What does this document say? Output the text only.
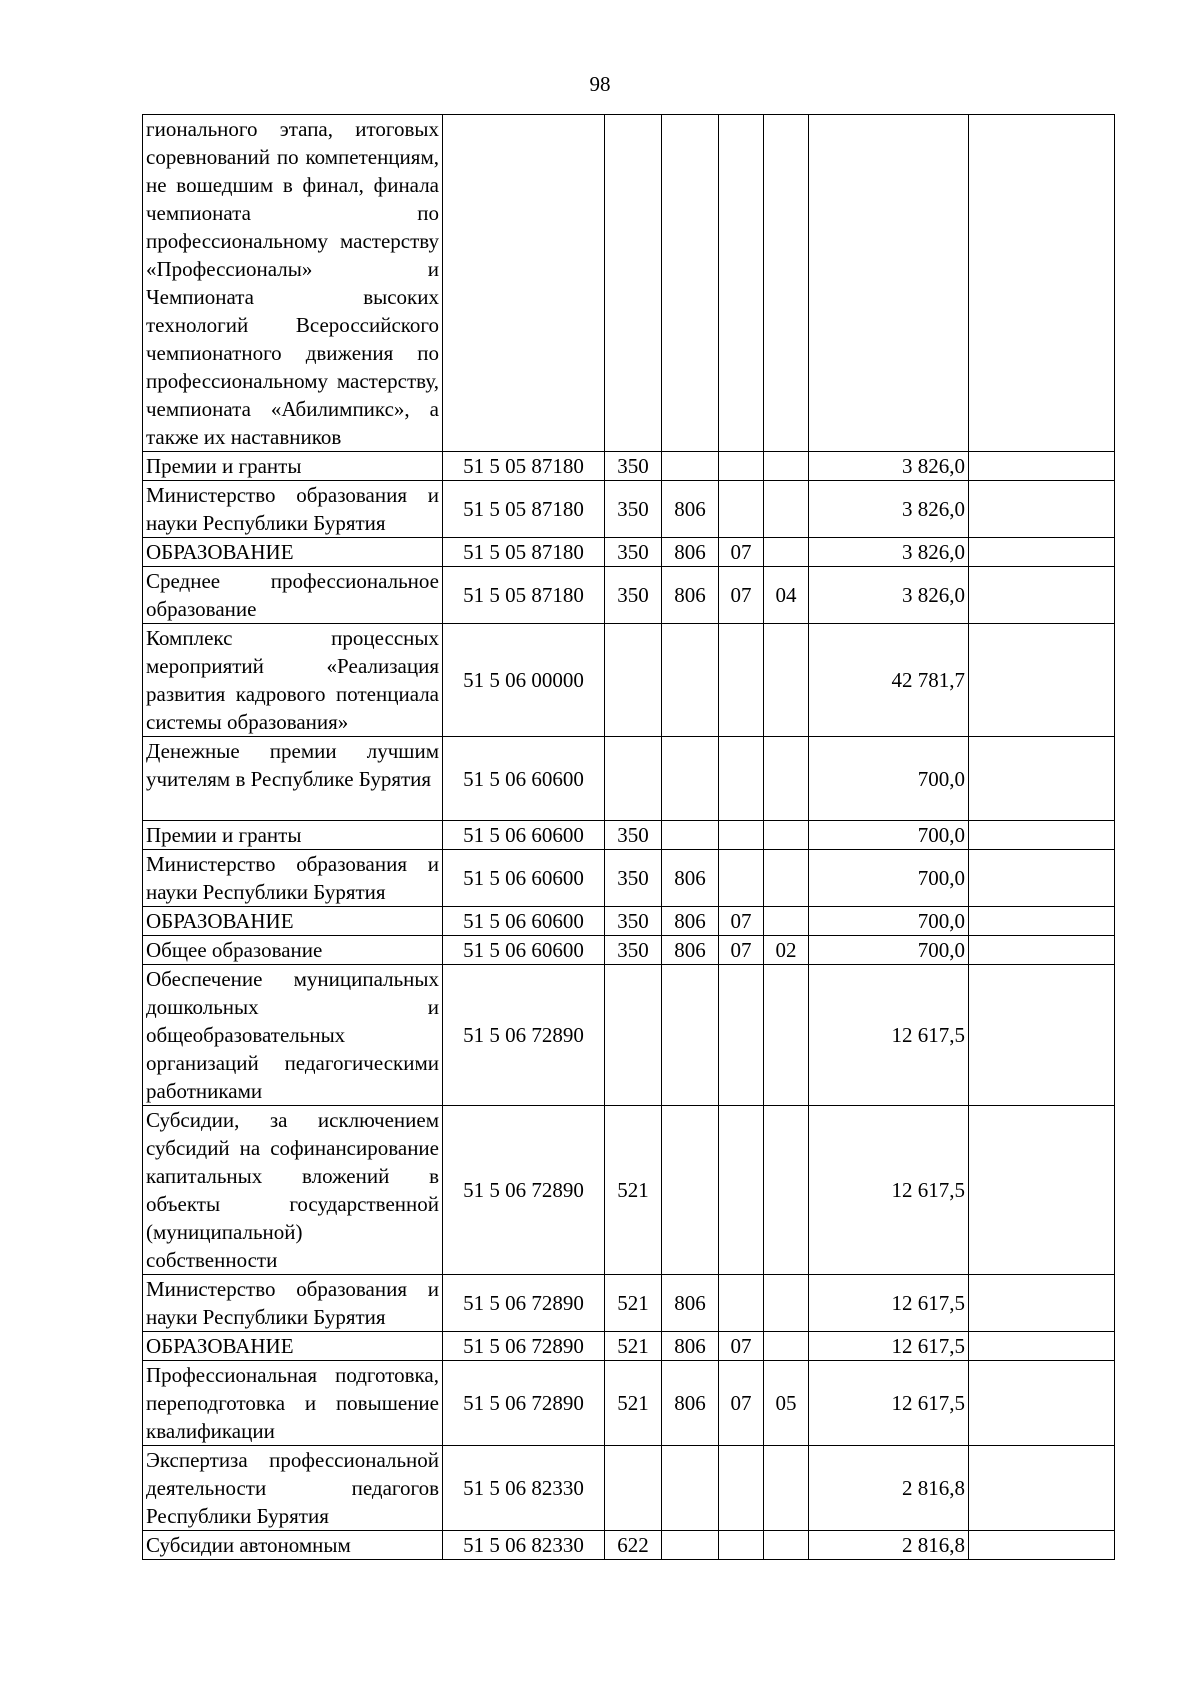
98
гионального этапа, итоговых соревнований по компетенциям, не вошедшим в финал, финала чемпионата по профессиональному мастерству «Профессионалы» и Чемпионата высоких технологий Всероссийского чемпионатного движения по профессиональному мастерству, чемпионата «Абилимпикс», а также их наставников							
Премии и гранты	51 5 05 87180	350				3 826,0	
Министерство образования и науки Республики Бурятия	51 5 05 87180	350	806			3 826,0	
ОБРАЗОВАНИЕ	51 5 05 87180	350	806	07		3 826,0	
Среднее профессиональное образование	51 5 05 87180	350	806	07	04	3 826,0	
Комплекс процессных мероприятий «Реализация развития кадрового потенциала системы образования»	51 5 06 00000					42 781,7	
Денежные премии лучшим учителям в Республике Бурятия	51 5 06 60600					700,0	
Премии и гранты	51 5 06 60600	350				700,0	
Министерство образования и науки Республики Бурятия	51 5 06 60600	350	806			700,0	
ОБРАЗОВАНИЕ	51 5 06 60600	350	806	07		700,0	
Общее образование	51 5 06 60600	350	806	07	02	700,0	
Обеспечение муниципальных дошкольных и общеобразовательных организаций педагогическими работниками	51 5 06 72890					12 617,5	
Субсидии, за исключением субсидий на софинансирование капитальных вложений в объекты государственной (муниципальной) собственности	51 5 06 72890	521				12 617,5	
Министерство образования и науки Республики Бурятия	51 5 06 72890	521	806			12 617,5	
ОБРАЗОВАНИЕ	51 5 06 72890	521	806	07		12 617,5	
Профессиональная подготовка, переподготовка и повышение квалификации	51 5 06 72890	521	806	07	05	12 617,5	
Экспертиза профессиональной деятельности педагогов Республики Бурятия	51 5 06 82330					2 816,8	
Субсидии автономным	51 5 06 82330	622				2 816,8	
